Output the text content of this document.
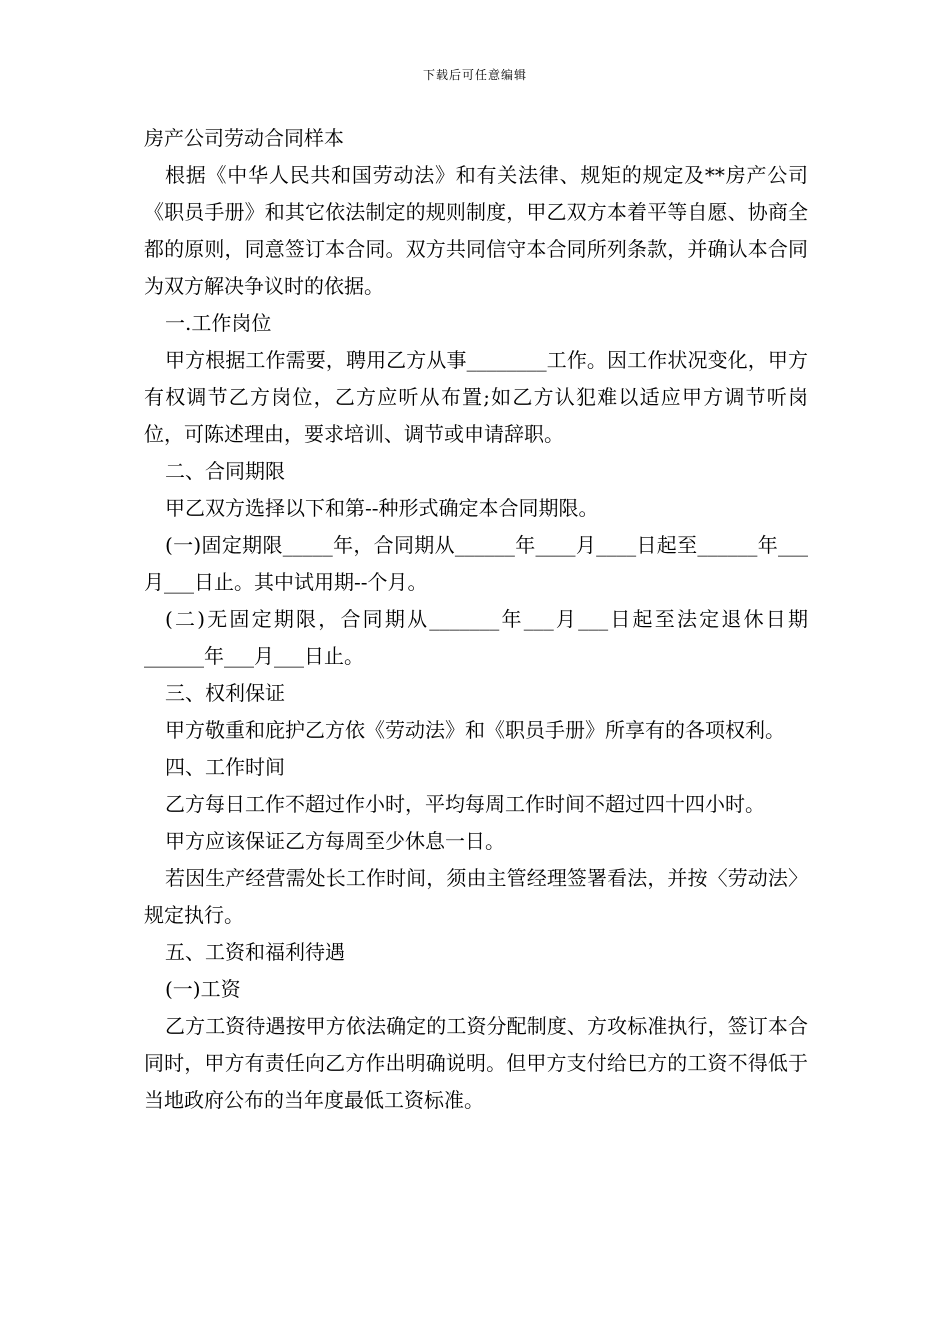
下载后可任意编辑

房产公司劳动合同样本

根据《中华人民共和国劳动法》和有关法律、规矩的规定及**房产公司《职员手册》和其它依法制定的规则制度，甲乙双方本着平等自愿、协商全都的原则，同意签订本合同。双方共同信守本合同所列条款，并确认本合同为双方解决争议时的依据。

一.工作岗位

甲方根据工作需要，聘用乙方从事________工作。因工作状况变化，甲方有权调节乙方岗位，乙方应听从布置;如乙方认犯难以适应甲方调节听岗位，可陈述理由，要求培训、调节或申请辞职。

二、合同期限

甲乙双方选择以下和第--种形式确定本合同期限。

(一)固定期限_____年，合同期从______年____月____日起至______年___月___日止。其中试用期--个月。

(二)无固定期限，合同期从_______年___月___日起至法定退休日期______年___月___日止。

三、权利保证

甲方敬重和庇护乙方依《劳动法》和《职员手册》所享有的各项权利。

四、工作时间

乙方每日工作不超过作小时，平均每周工作时间不超过四十四小时。

甲方应该保证乙方每周至少休息一日。

若因生产经营需处长工作时间，须由主管经理签署看法，并按〈劳动法〉规定执行。

五、工资和福利待遇

(一)工资

乙方工资待遇按甲方依法确定的工资分配制度、方攻标准执行，签订本合同时，甲方有责任向乙方作出明确说明。但甲方支付给巳方的工资不得低于当地政府公布的当年度最低工资标准。
